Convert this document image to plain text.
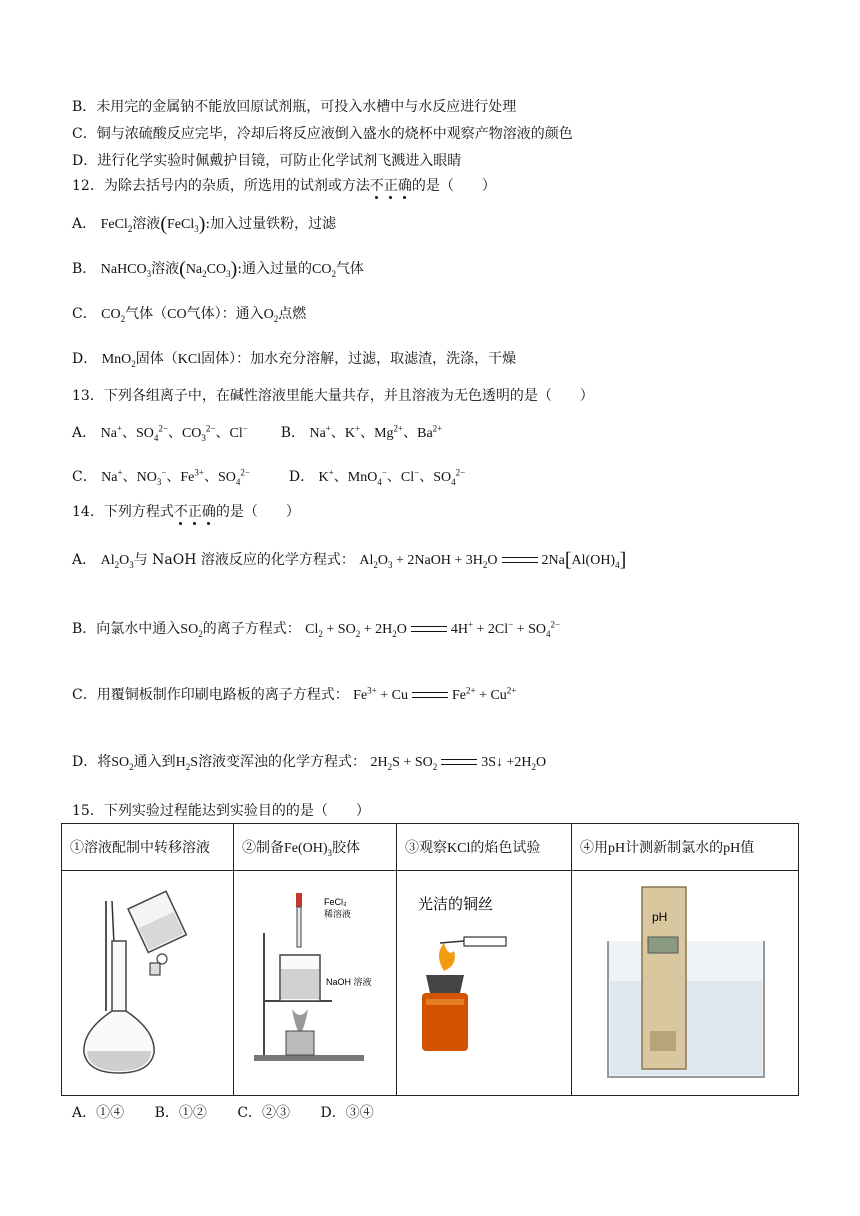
B．未用完的金属钠不能放回原试剂瓶，可投入水槽中与水反应进行处理
C．铜与浓硫酸反应完毕，冷却后将反应液倒入盛水的烧杯中观察产物溶液的颜色
D．进行化学实验时佩戴护目镜，可防止化学试剂飞溅进入眼睛
12．为除去括号内的杂质，所选用的试剂或方法不正确的是（　　）
A． FeCl$_2$溶液(FeCl$_3$):加入过量铁粉，过滤
B． NaHCO$_3$溶液$(Na_2CO_3)$:通入过量的$CO_2$气体
C． $CO_2$气体（CO气体）：通入$O_2$点燃
D． MnO$_2$固体（KCl固体）：加水充分溶解，过滤，取滤渣，洗涤，干燥
13．下列各组离子中，在碱性溶液里能大量共存，并且溶液为无色透明的是（　　）
A． Na+、$SO_4^{2-}$、$CO_3^{2-}$、Cl− B． Na+、K+、$Mg^{2+}$、$Ba^{2+}$
C． Na+、$NO_3^-$、$Fe^{3+}$、$SO_4^{2-}$	D． K+、MnO$_4$−、Cl−、$SO_4^{2-}$
14．下列方程式不正确的是（　　）
A． $Al_2O_3$与 NaOH 溶液反应的化学方程式： $Al_2O_3$ + 2NaOH + $3H_2O$	$2Na[Al(OH)_4]$
B．向氯水中通入$SO_2$的离子方程式： $Cl_2 + SO_2 + 2H_2O$	$4H^+ + 2Cl^- + SO_4^{2-}$
C．用覆铜板制作印刷电路板的离子方程式： $Fe^{3+} + Cu$	$Fe^{2+} + Cu^{2+}$
D．将$SO_2$通入到$H_2S$溶液变浑浊的化学方程式： $2H_2S + SO_2$	3S↓ $+2H_2O$
15．下列实验过程能达到实验目的的是（　　）
①溶液配制中转移溶液	②制备$Fe(OH)_3$胶体	③观察KCl的焰色试验	④用pH计测新制氯水的pH值

FeCl₃
稀溶液
NaOH 溶液	光洁的铜丝	pH
A．①④ B．①② C．②③ D．③④
